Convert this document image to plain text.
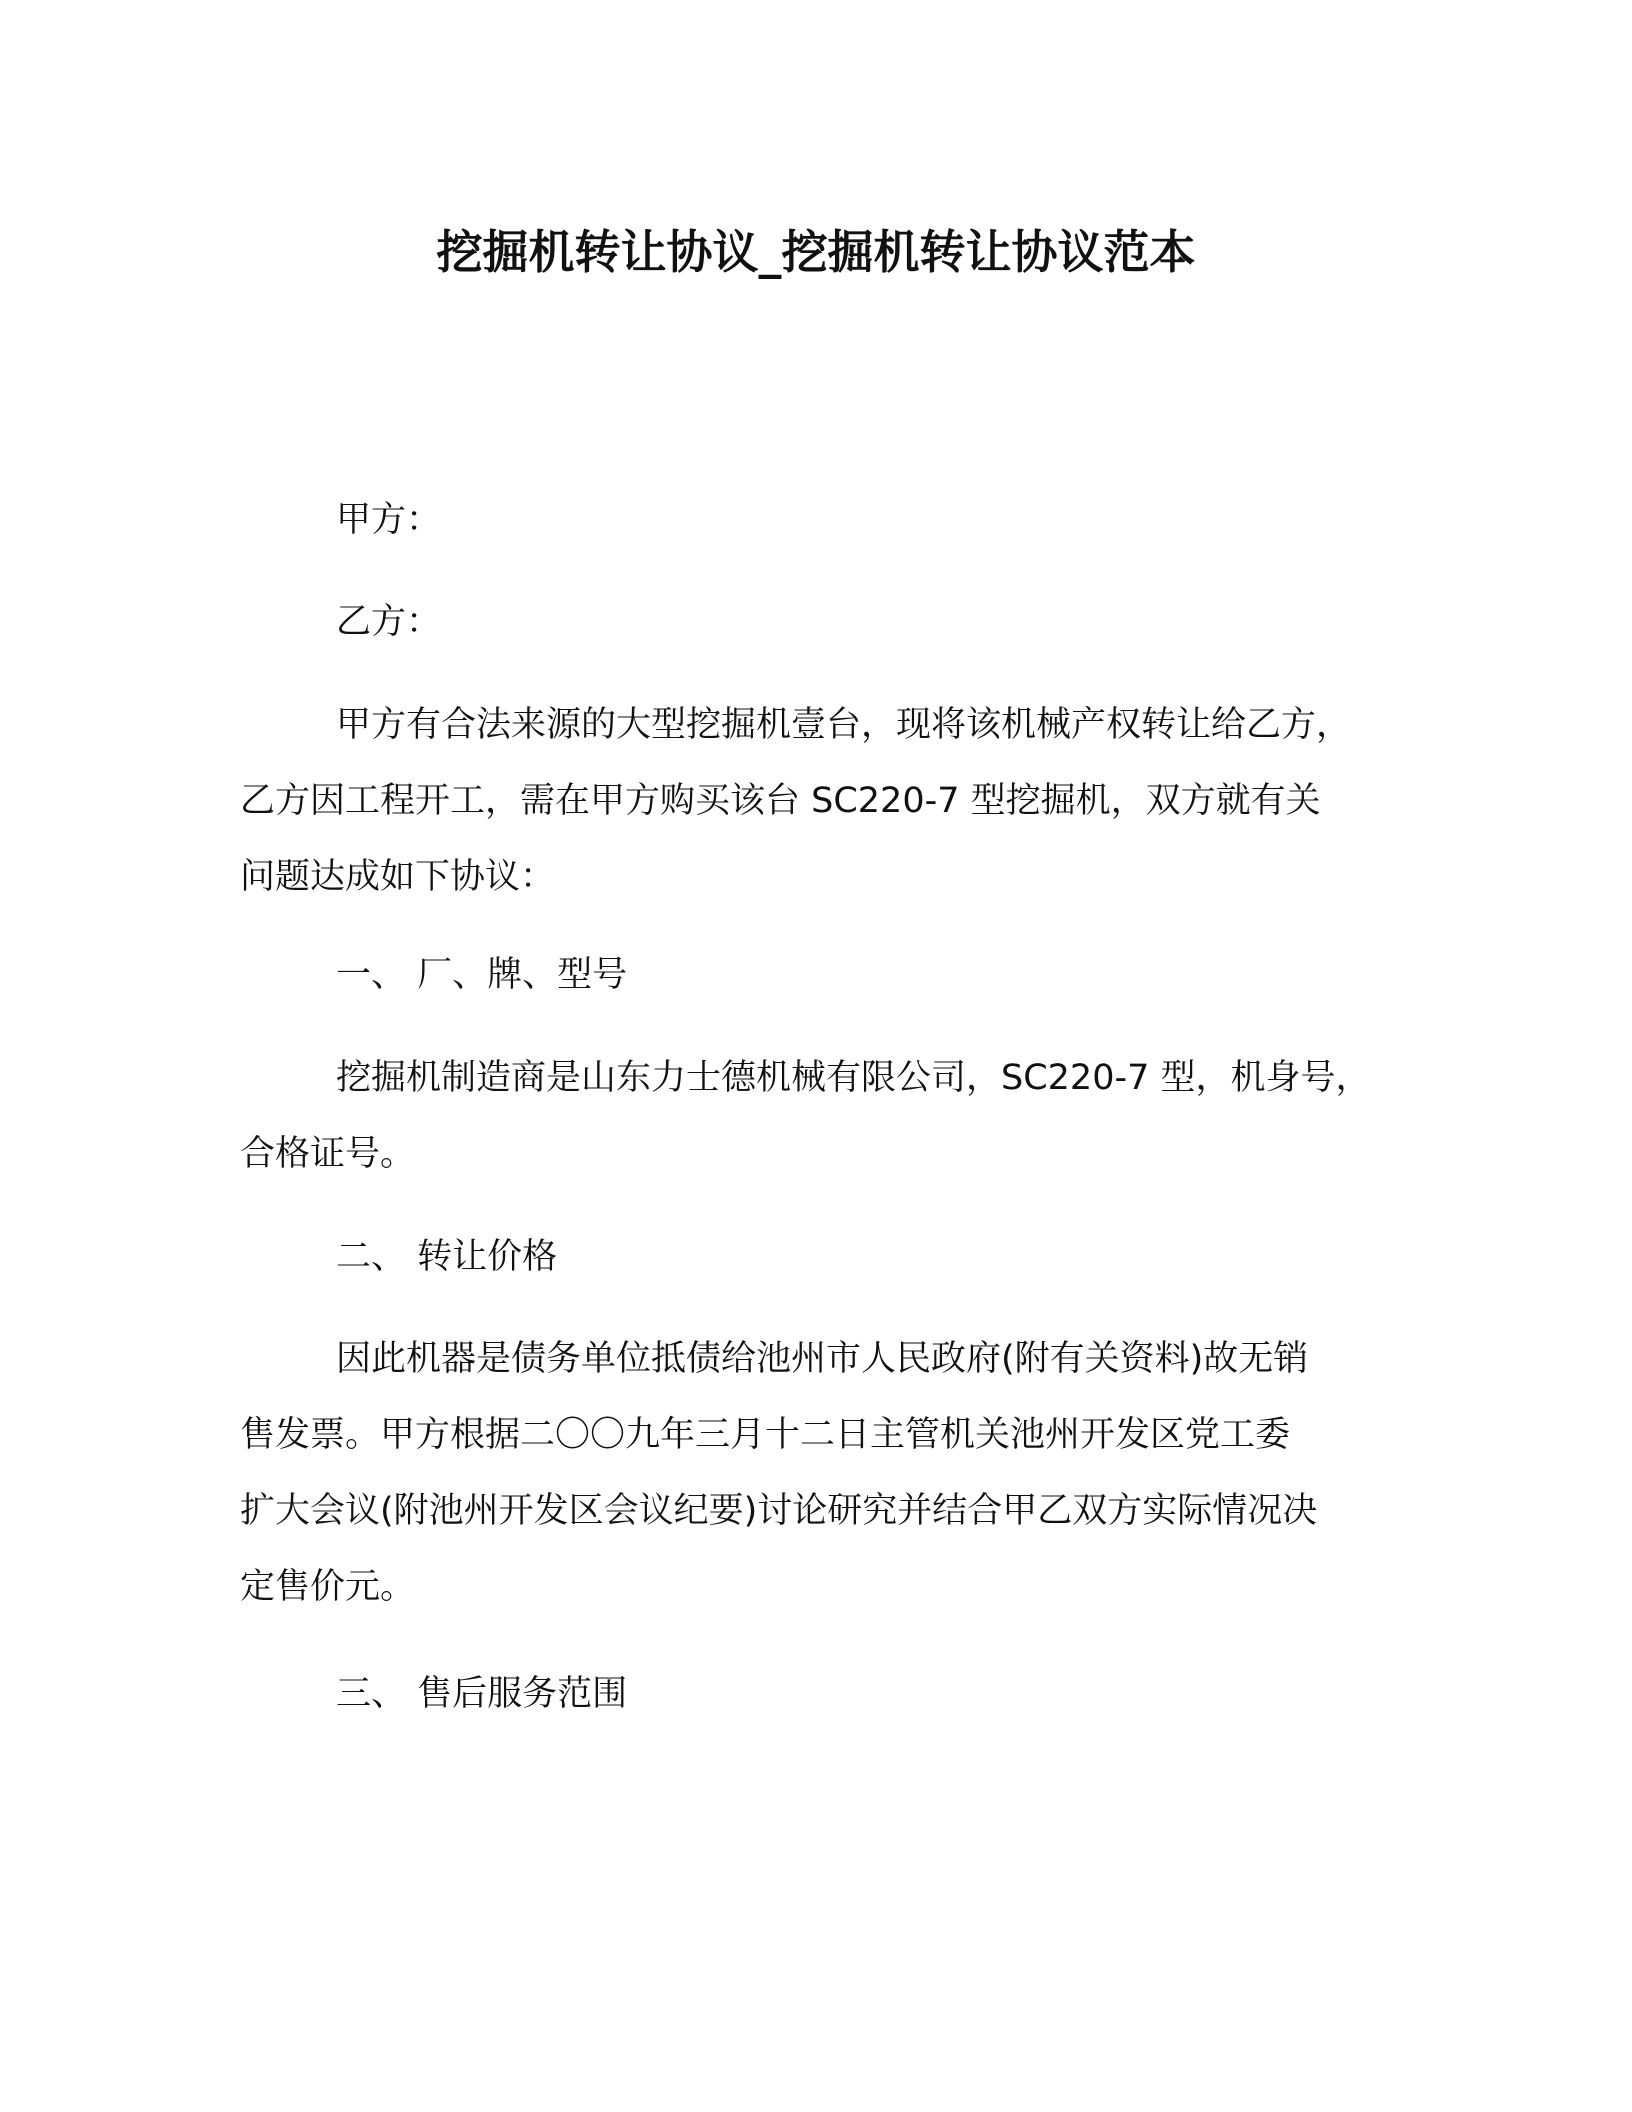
挖掘机转让协议_挖掘机转让协议范本
甲方：
乙方：
甲方有合法来源的大型挖掘机壹台，现将该机械产权转让给乙方，
乙方因工程开工，需在甲方购买该台 SC220-7 型挖掘机，双方就有关
问题达成如下协议：
一、 厂、牌、型号
挖掘机制造商是山东力士德机械有限公司，SC220-7 型，机身号，
合格证号。
二、 转让价格
因此机器是债务单位抵债给池州市人民政府(附有关资料)故无销
售发票。甲方根据二〇〇九年三月十二日主管机关池州开发区党工委
扩大会议(附池州开发区会议纪要)讨论研究并结合甲乙双方实际情况决
定售价元。
三、 售后服务范围
